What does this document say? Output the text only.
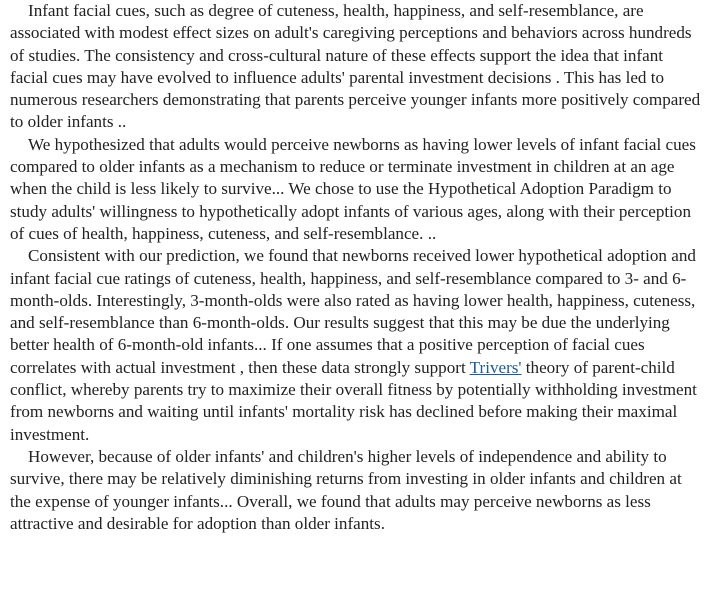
Infant facial cues, such as degree of cuteness, health, happiness, and self-resemblance, are associated with modest effect sizes on adult's caregiving perceptions and behaviors across hundreds of studies. The consistency and cross-cultural nature of these effects support the idea that infant facial cues may have evolved to influence adults' parental investment decisions . This has led to numerous researchers demonstrating that parents perceive younger infants more positively compared to older infants ..

We hypothesized that adults would perceive newborns as having lower levels of infant facial cues compared to older infants as a mechanism to reduce or terminate investment in children at an age when the child is less likely to survive... We chose to use the Hypothetical Adoption Paradigm to study adults' willingness to hypothetically adopt infants of various ages, along with their perception of cues of health, happiness, cuteness, and self-resemblance. ..

Consistent with our prediction, we found that newborns received lower hypothetical adoption and infant facial cue ratings of cuteness, health, happiness, and self-resemblance compared to 3- and 6-month-olds. Interestingly, 3-month-olds were also rated as having lower health, happiness, cuteness, and self-resemblance than 6-month-olds. Our results suggest that this may be due the underlying better health of 6-month-old infants... If one assumes that a positive perception of facial cues correlates with actual investment , then these data strongly support Trivers' theory of parent-child conflict, whereby parents try to maximize their overall fitness by potentially withholding investment from newborns and waiting until infants' mortality risk has declined before making their maximal investment.

However, because of older infants' and children's higher levels of independence and ability to survive, there may be relatively diminishing returns from investing in older infants and children at the expense of younger infants... Overall, we found that adults may perceive newborns as less attractive and desirable for adoption than older infants.
